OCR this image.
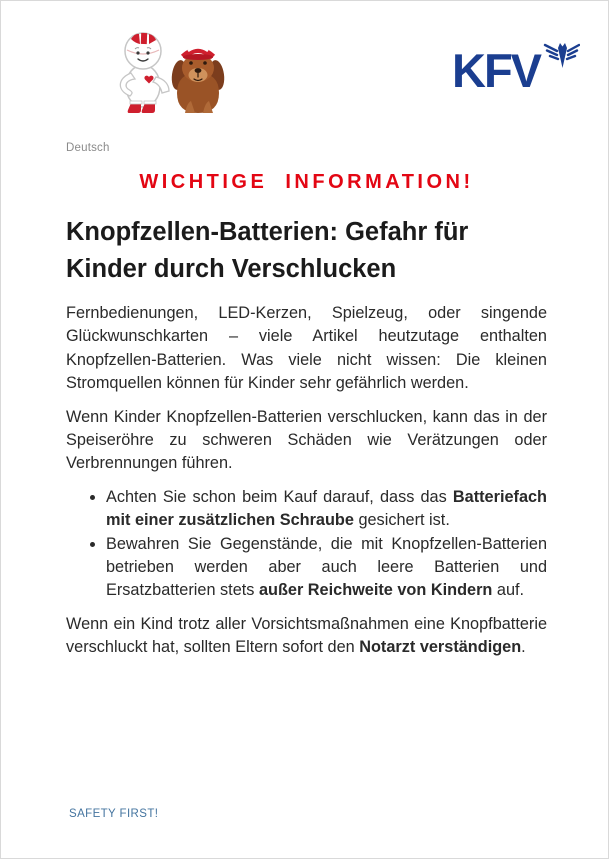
KFV

Deutsch

WICHTIGE INFORMATION!

Knopfzellen-Batterien: Gefahr für
Kinder durch Verschlucken

Fernbedienungen, LED-Kerzen, Spielzeug, oder singende Glückwunschkarten – viele Artikel heutzutage enthalten Knopfzellen-Batterien. Was viele nicht wissen: Die kleinen Stromquellen können für Kinder sehr gefährlich werden.

Wenn Kinder Knopfzellen-Batterien verschlucken, kann das in der Speiseröhre zu schweren Schäden wie Verätzungen oder Verbrennungen führen.

• Achten Sie schon beim Kauf darauf, dass das Batteriefach mit einer zusätzlichen Schraube gesichert ist.
• Bewahren Sie Gegenstände, die mit Knopfzellen-Batterien betrieben werden aber auch leere Batterien und Ersatzbatterien stets außer Reichweite von Kindern auf.

Wenn ein Kind trotz aller Vorsichtsmaßnahmen eine Knopfbatterie verschluckt hat, sollten Eltern sofort den Notarzt verständigen.

SAFETY FIRST!
